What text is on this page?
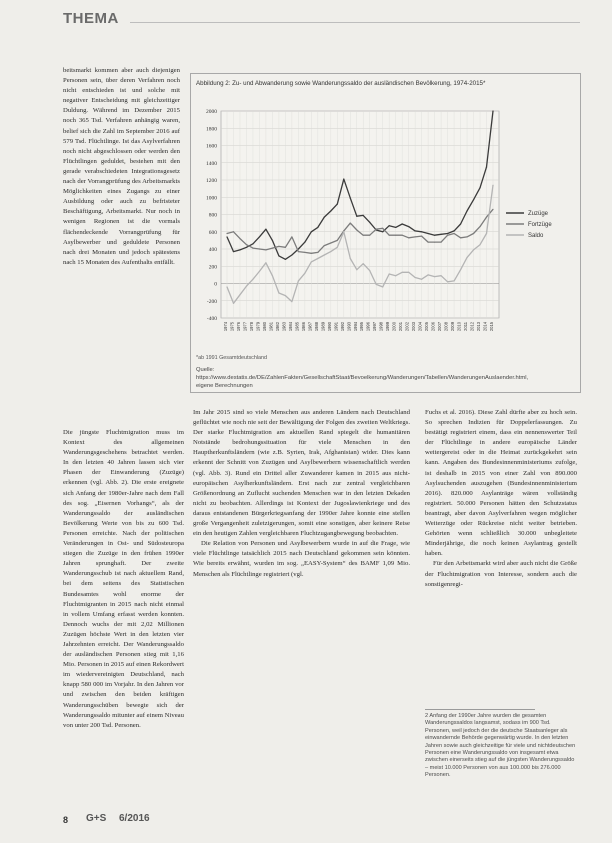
THEMA

beitsmarkt kommen aber auch diejenigen Personen sein, über deren Verfahren noch nicht entschieden ist und solche mit negativer Entscheidung mit gleichzeitiger Duldung. Während im Dezember 2015 noch 365 Tsd. Verfahren anhängig waren, belief sich die Zahl im September 2016 auf 579 Tsd. Flüchtlinge. Ist das Asylverfahren noch nicht abgeschlossen oder werden den Flüchtlingen geduldet, bestehen mit den gerade verabschiedeten Integrationsgesetz nach der Vorrangprüfung des Arbeitsmarkts Möglichkeiten eines Zugangs zu einer Ausbildung oder auch zu befristeter Beschäftigung, Arbeitsmarkt. Nur noch in wenigen Regionen ist die vormals flächendeckende Vorrangprüfung für Asylbewerber und geduldete Personen nach drei Monaten und jedoch spätestens nach 15 Monaten des Aufenthalts entfällt.

Abbildung 2: Zu- und Abwanderung sowie Wanderungssaldo der ausländischen Bevölkerung, 1974-2015*
-400
-200
0
200
400
600
800
1000
1200
1400
1600
1800
2000
1974 1975 1976 1977 1978 1979 1980 1981 1982 1983 1984 1985 1986 1987 1988 1989 1990 1991 1992 1993 1994 1995 1996 1997 1998 1999 2000 2001 2002 2003 2004 2005 2006 2007 2008 2009 2010 2011 2012 2013 2014 2015
Zuzüge
Fortzüge
Saldo
*ab 1991 Gesamtdeutschland
Quelle: https://www.destatis.de/DE/ZahlenFakten/GesellschaftStaat/Bevoelkerung/Wanderungen/Tabellen/WanderungenAuslaender.html, eigene Berechnungen

Die jüngste Fluchtmigration muss im Kontext des allgemeinen Wanderungsgeschehens betrachtet werden. In den letzten 40 Jahren lassen sich vier Phasen der Einwanderung (Zuzüge) erkennen (vgl. Abb. 2). Die erste ereignete sich Anfang der 1980er-Jahre nach dem Fall des sog. „Eisernen Vorhangs“, als der Wanderungssaldo der ausländischen Bevölkerung Werte von bis zu 600 Tsd. Personen erreichte. Nach der politischen Veränderungen in Ost- und Südosteuropa stiegen die Zuzüge in den frühen 1990er Jahren sprunghaft. Der zweite Wanderungsschub ist nach aktuellem Rand, bei dem seitens des Statistischen Bundesamtes wohl enorme der Fluchtmigranten in 2015 nach nicht einmal in vollem Umfang erfasst werden konnten. Dennoch wuchs der mit 2,02 Millionen Zuzügen höchste Wert in den letzten vier Jahrzehnten erreicht. Der Wanderungssaldo der ausländischen Personen stieg mit 1,16 Mio. Personen in 2015 auf einen Rekordwert im wiedervereinigten Deutschland, nach knapp 580 000 im Vorjahr. In den Jahren vor und zwischen den beiden kräftigen Wanderungsschüben bewegte sich der Wanderungssaldo mitunter auf einem Niveau von unter 200 Tsd. Personen.

Im Jahr 2015 sind so viele Menschen aus anderen Ländern nach Deutschland geflüchtet wie noch nie seit der Bewältigung der Folgen des zweiten Weltkriegs. Der starke Fluchtmigration am aktuellen Rand spiegelt die humanitären Notstände bedrohungssituation für viele Menschen in den Hauptherkunftsländern (wie z.B. Syrien, Irak, Afghanistan) wider. Dies kann erkennt der Schnitt von Zuzügen und Asylbewerbern wissenschaftlich werden (vgl. Abb. 3). Rund ein Drittel aller Zuwanderer kamen in 2015 aus nicht-europäischen Asylherkunftsländern. Erst nach zur zentral vergleichbaren Größenordnung an Zuflucht suchenden Menschen war in den letzten Dekaden nicht zu beobachten. Allerdings ist Kontext der Jugoslawienkriege und des daraus entstandenen Bürgerkriegsanfang der 1990er Jahre konnte eine stellen große Vergangenheit zuletzigerungen, somit eine sonstigen, aber keinere Reise ein den heutigen Zahlen vergleichbaren Fluchtzugangbewegung beobachten.

Die Relation von Personen und Asylbewerbern wurde in auf die Frage, wie viele Flüchtlinge tatsächlich 2015 nach Deutschland gekommen sein könnten. Wie bereits erwähnt, wurden im sog. „EASY-System“ des BAMF 1,09 Mio. Menschen als Flüchtlinge registriert (vgl.

Fuchs et al. 2016). Diese Zahl dürfte aber zu hoch sein. So sprechen Indizien für Doppelerfassungen. Zu bestätigt registriert einem, dass ein nennenswerter Teil der Flüchtlinge in andere europäische Länder weitergereist oder in die Heimat zurückgekehrt sein kann. Angaben des Bundesinnenministeriums zufolge, ist deshalb in 2015 von einer Zahl von 890.000 Asylsuchenden auszugehen (Bundesinnenministerium 2016). 820.000 Asylanträge wären vollständig registriert. 50.000 Personen hätten den Schutzstatus beantragt, aber davon Asylverfahren wegen möglicher Weiterzüge oder Rückreise nicht weiter betrieben. Gehörten wenn schließlich 30.000 unbegleitete Minderjährige, die noch keinen Asylantrag gestellt haben.

Für den Arbeitsmarkt wird aber auch nicht die Größe der Fluchtmigration von Interesse, sondern auch die sonstigenregi-

2 Anfang der 1990er Jahre wurden die gesamten Wanderungssaldos langsamst, sodass im 900 Tsd. Personen, weil jedoch der die deutsche Staatsanleger als einwandernde Behörde gegenwärtig wurde. In den letzten Jahren sowie auch gleichzeitige für viele und nichtdeutschen Personen eine Wanderungssaldo von insgesamt etwa zwischen einerseits stieg auf die jüngsten Wanderungssaldo – meist 10.000 Personen von aus 100.000 bis 276.000 Personen.
8 G+S 6/2016
